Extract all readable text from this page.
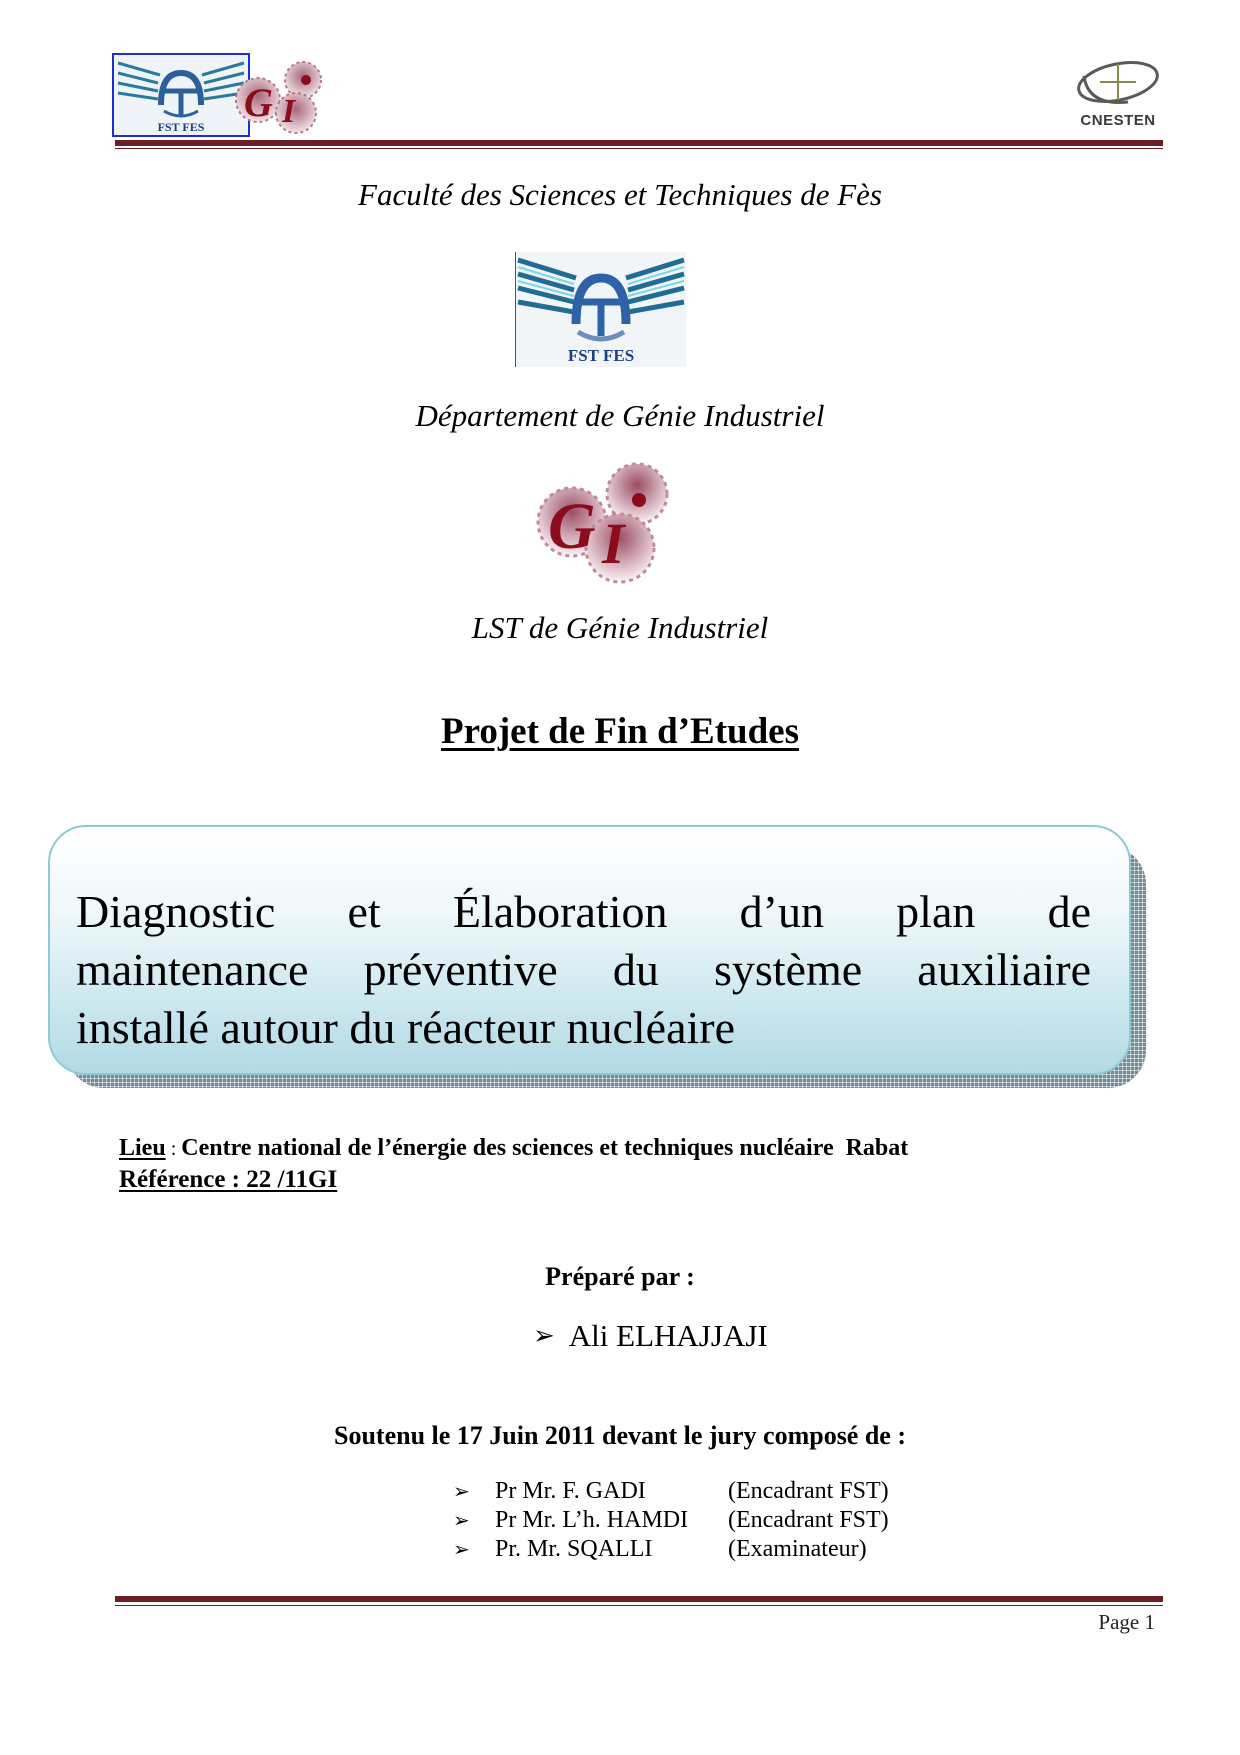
FST FES
G I	CNESTEN
Faculté des Sciences et Techniques de Fès
FST FES
Département de Génie Industriel
G I
LST de Génie Industriel
Projet de Fin d’Etudes
Diagnostic et Élaboration d’un plan de
maintenance préventive du système auxiliaire
installé autour du réacteur nucléaire
Lieu : Centre national de l’énergie des sciences et techniques nucléaire  Rabat
Référence : 22 /11GI
Préparé par :
➢ Ali ELHAJJAJI
Soutenu le 17 Juin 2011 devant le jury composé de :
➢	Pr Mr. F. GADI	(Encadrant FST)
➢	Pr Mr. L’h. HAMDI	(Encadrant FST)
➢	Pr. Mr. SQALLI	(Examinateur)
Page 1
